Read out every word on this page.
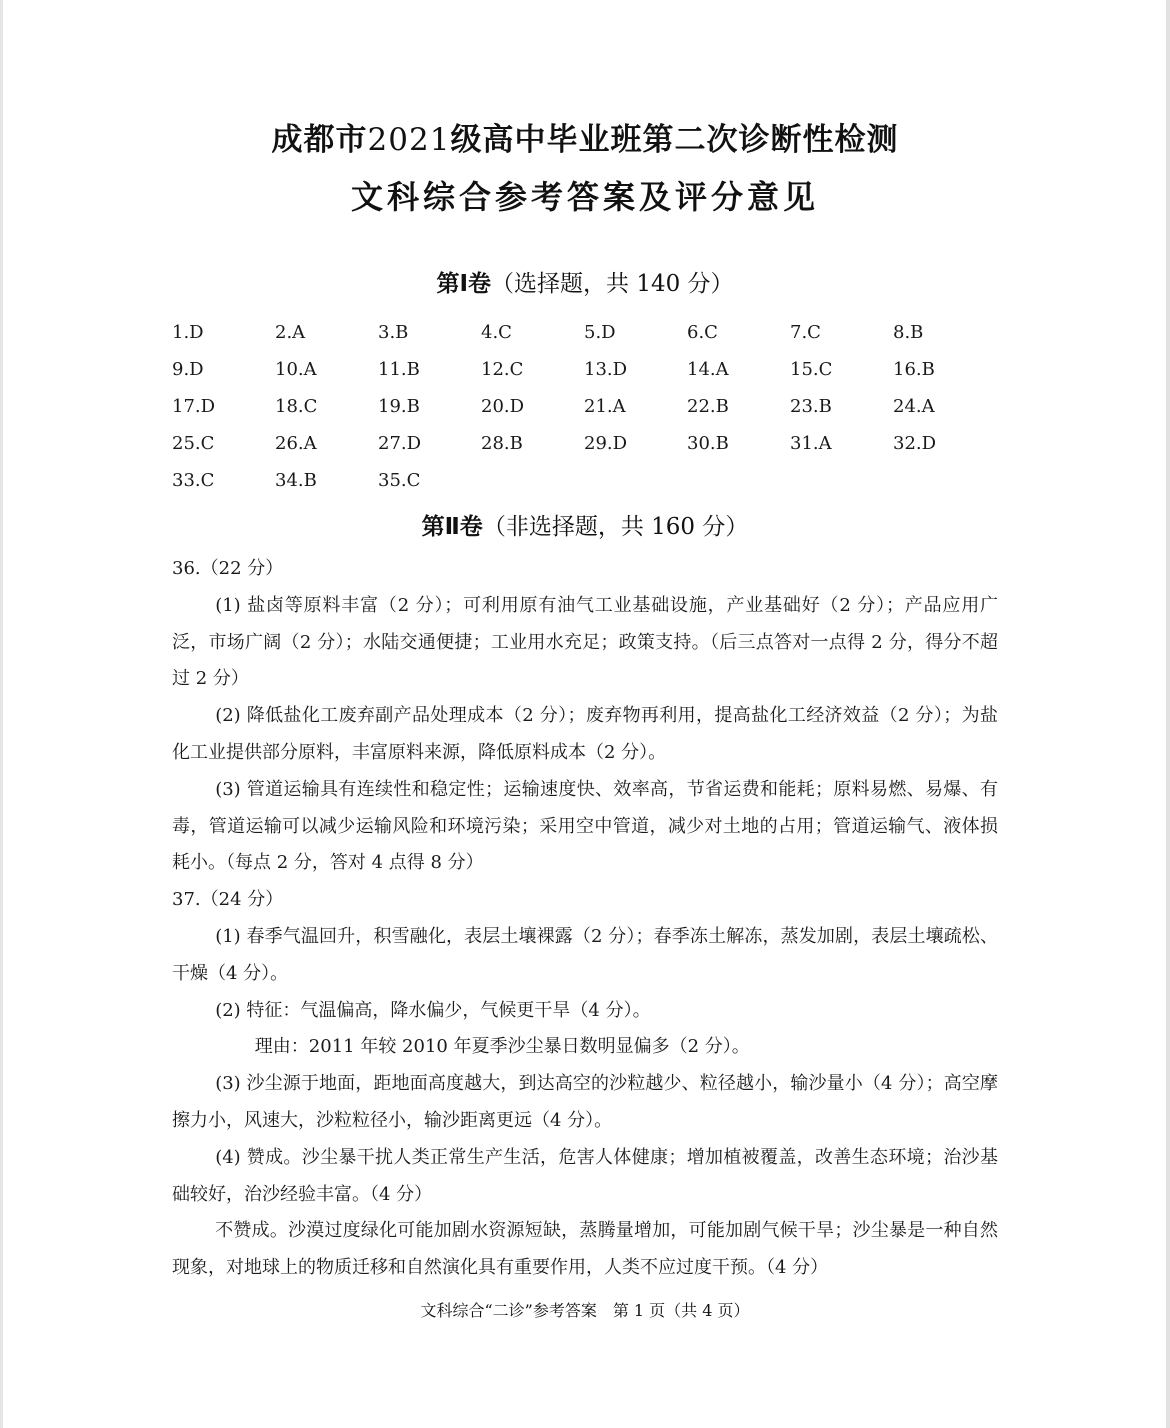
成都市2021级高中毕业班第二次诊断性检测
文科综合参考答案及评分意见
第Ⅰ卷（选择题，共 140 分）
1.D	2.A	3.B	4.C	5.D	6.C	7.C	8.B
9.D	10.A	11.B	12.C	13.D	14.A	15.C	16.B
17.D	18.C	19.B	20.D	21.A	22.B	23.B	24.A
25.C	26.A	27.D	28.B	29.D	30.B	31.A	32.D
33.C	34.B	35.C
第Ⅱ卷（非选择题，共 160 分）

36.（22 分）

(1) 盐卤等原料丰富（2 分）；可利用原有油气工业基础设施，产业基础好（2 分）；产品应用广泛，市场广阔（2 分）；水陆交通便捷；工业用水充足；政策支持。（后三点答对一点得 2 分，得分不超过 2 分）

(2) 降低盐化工废弃副产品处理成本（2 分）；废弃物再利用，提高盐化工经济效益（2 分）；为盐化工业提供部分原料，丰富原料来源，降低原料成本（2 分）。

(3) 管道运输具有连续性和稳定性；运输速度快、效率高，节省运费和能耗；原料易燃、易爆、有毒，管道运输可以减少运输风险和环境污染；采用空中管道，减少对土地的占用；管道运输气、液体损耗小。（每点 2 分，答对 4 点得 8 分）

37.（24 分）

(1) 春季气温回升，积雪融化，表层土壤裸露（2 分）；春季冻土解冻，蒸发加剧，表层土壤疏松、干燥（4 分）。

(2) 特征：气温偏高，降水偏少，气候更干旱（4 分）。

理由：2011 年较 2010 年夏季沙尘暴日数明显偏多（2 分）。

(3) 沙尘源于地面，距地面高度越大，到达高空的沙粒越少、粒径越小，输沙量小（4 分）；高空摩擦力小，风速大，沙粒粒径小，输沙距离更远（4 分）。

(4) 赞成。沙尘暴干扰人类正常生产生活，危害人体健康；增加植被覆盖，改善生态环境；治沙基础较好，治沙经验丰富。（4 分）

不赞成。沙漠过度绿化可能加剧水资源短缺，蒸腾量增加，可能加剧气候干旱；沙尘暴是一种自然现象，对地球上的物质迁移和自然演化具有重要作用，人类不应过度干预。（4 分）

文科综合“二诊”参考答案　第 1 页（共 4 页）
